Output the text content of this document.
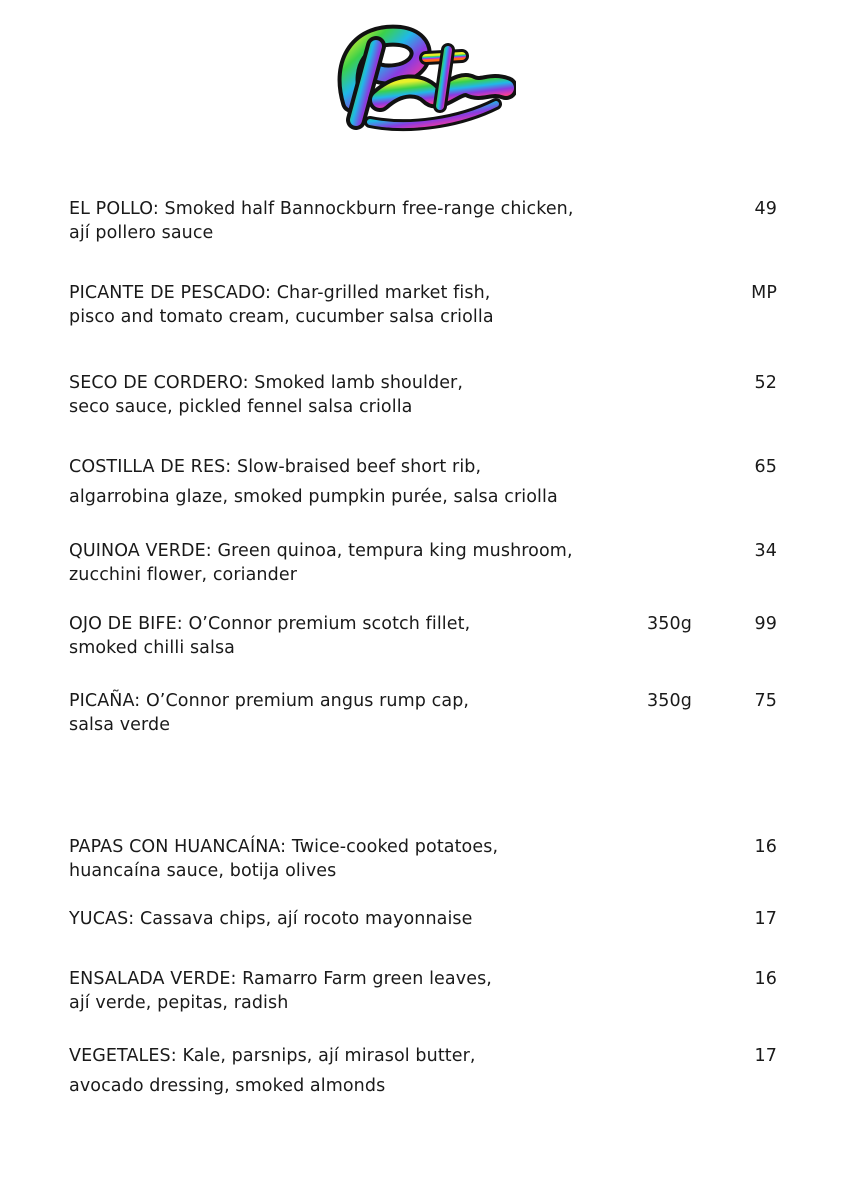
EL POLLO: Smoked half Bannockburn free-range chicken,
ají pollero sauce
49
PICANTE DE PESCADO: Char-grilled market fish,
pisco and tomato cream, cucumber salsa criolla
MP
SECO DE CORDERO: Smoked lamb shoulder,
seco sauce, pickled fennel salsa criolla
52
COSTILLA DE RES: Slow-braised beef short rib,
algarrobina glaze, smoked pumpkin purée, salsa criolla
65
QUINOA VERDE: Green quinoa, tempura king mushroom,
zucchini flower, coriander
34
OJO DE BIFE: O’Connor premium scotch fillet,
smoked chilli salsa
350g	99
PICAÑA: O’Connor premium angus rump cap,
salsa verde
350g	75
PAPAS CON HUANCAÍNA: Twice-cooked potatoes,
huancaína sauce, botija olives
16
YUCAS: Cassava chips, ají rocoto mayonnaise	17
ENSALADA VERDE: Ramarro Farm green leaves,
ají verde, pepitas, radish
16
VEGETALES: Kale, parsnips, ají mirasol butter,
avocado dressing, smoked almonds
17
